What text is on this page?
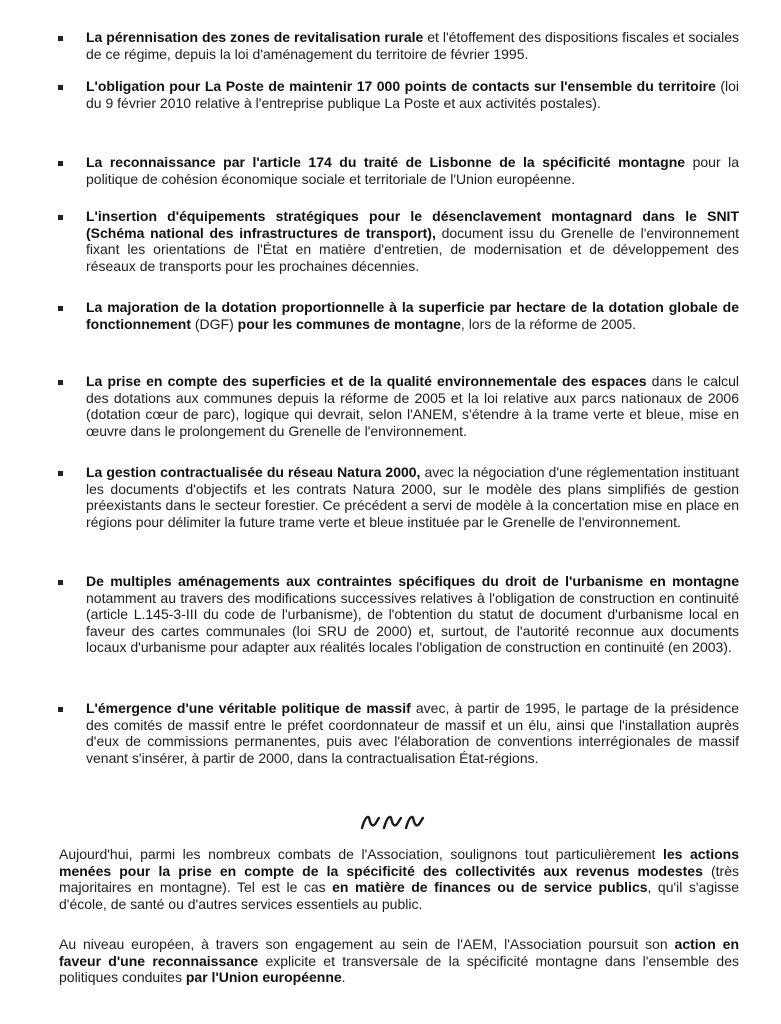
La pérennisation des zones de revitalisation rurale et l'étoffement des dispositions fiscales et sociales de ce régime, depuis la loi d'aménagement du territoire de février 1995.
L'obligation pour La Poste de maintenir 17 000 points de contacts sur l'ensemble du territoire (loi du 9 février 2010 relative à l'entreprise publique La Poste et aux activités postales).
La reconnaissance par l'article 174 du traité de Lisbonne de la spécificité montagne pour la politique de cohésion économique sociale et territoriale de l'Union européenne.
L'insertion d'équipements stratégiques pour le désenclavement montagnard dans le SNIT (Schéma national des infrastructures de transport), document issu du Grenelle de l'environnement fixant les orientations de l'État en matière d'entretien, de modernisation et de développement des réseaux de transports pour les prochaines décennies.
La majoration de la dotation proportionnelle à la superficie par hectare de la dotation globale de fonctionnement (DGF) pour les communes de montagne, lors de la réforme de 2005.
La prise en compte des superficies et de la qualité environnementale des espaces dans le calcul des dotations aux communes depuis la réforme de 2005 et la loi relative aux parcs nationaux de 2006 (dotation cœur de parc), logique qui devrait, selon l'ANEM, s'étendre à la trame verte et bleue, mise en œuvre dans le prolongement du Grenelle de l'environnement.
La gestion contractualisée du réseau Natura 2000, avec la négociation d'une réglementation instituant les documents d'objectifs et les contrats Natura 2000, sur le modèle des plans simplifiés de gestion préexistants dans le secteur forestier. Ce précédent a servi de modèle à la concertation mise en place en régions pour délimiter la future trame verte et bleue instituée par le Grenelle de l'environnement.
De multiples aménagements aux contraintes spécifiques du droit de l'urbanisme en montagne notamment au travers des modifications successives relatives à l'obligation de construction en continuité (article L.145-3-III du code de l'urbanisme), de l'obtention du statut de document d'urbanisme local en faveur des cartes communales (loi SRU de 2000) et, surtout, de l'autorité reconnue aux documents locaux d'urbanisme pour adapter aux réalités locales l'obligation de construction en continuité (en 2003).
L'émergence d'une véritable politique de massif avec, à partir de 1995, le partage de la présidence des comités de massif entre le préfet coordonnateur de massif et un élu, ainsi que l'installation auprès d'eux de commissions permanentes, puis avec l'élaboration de conventions interrégionales de massif venant s'insérer, à partir de 2000, dans la contractualisation État-régions.

Aujourd'hui, parmi les nombreux combats de l'Association, soulignons tout particulièrement les actions menées pour la prise en compte de la spécificité des collectivités aux revenus modestes (très majoritaires en montagne). Tel est le cas en matière de finances ou de service publics, qu'il s'agisse d'école, de santé ou d'autres services essentiels au public.

Au niveau européen, à travers son engagement au sein de l'AEM, l'Association poursuit son action en faveur d'une reconnaissance explicite et transversale de la spécificité montagne dans l'ensemble des politiques conduites par l'Union européenne.
